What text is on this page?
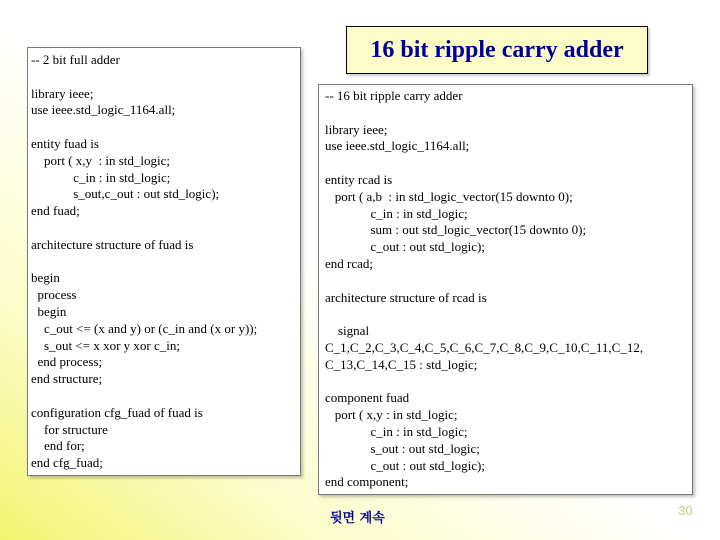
-- 2 bit full adder
library ieee;
use ieee.std_logic_1164.all;
entity fuad is
port ( x,y  : in std_logic;
c_in : in std_logic;
s_out,c_out : out std_logic);
end fuad;
architecture structure of fuad is
begin
process
begin
c_out <= (x and y) or (c_in and (x or y));
s_out <= x xor y xor c_in;
end process;
end structure;
configuration cfg_fuad of fuad is
for structure
end for;
end cfg_fuad;
-- 16 bit ripple carry adder
library ieee;
use ieee.std_logic_1164.all;
entity rcad is
port ( a,b  : in std_logic_vector(15 downto 0);
c_in : in std_logic;
sum : out std_logic_vector(15 downto 0);
c_out : out std_logic);
end rcad;
architecture structure of rcad is
signal
C_1,C_2,C_3,C_4,C_5,C_6,C_7,C_8,C_9,C_10,C_11,C_12,
C_13,C_14,C_15 : std_logic;
component fuad
port ( x,y : in std_logic;
c_in : in std_logic;
s_out : out std_logic;
c_out : out std_logic);
end component;
16 bit ripple carry adder
뒷면 계속
30
